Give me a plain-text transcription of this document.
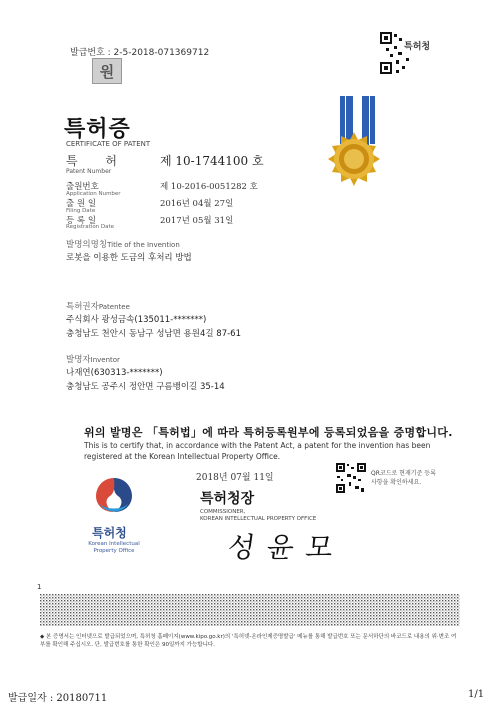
발급번호 : 2-5-2018-071369712
원
특허청
특허증
CERTIFICATE OF PATENT
특 허
Patent Number
제 10-1744100 호
출원번호
Application Number
제 10-2016-0051282 호
출 원 일
Filing Date
2016년 04월 27일
등 록 일
Registration Date
2017년 05월 31일
발명의명칭Title of the Invention
로봇을 이용한 도금의 후처리 방법
특허권자Patentee
주식회사 광성금속(135011-*******)
충청남도 천안시 동남구 성남면 용원4길 87-61
발명자Inventor
나재연(630313-*******)
충청남도 공주시 정안면 구름뱅이길 35-14
위의 발명은 「특허법」에 따라 특허등록원부에 등록되었음을 증명합니다.
This is to certify that, in accordance with the Patent Act, a patent for the invention has been registered at the Korean Intellectual Property Office.
2018년 07월 11일	QR코드로 현재기준 등록사항을 확인하세요.
특허청장
COMMISSIONER,
KOREAN INTELLECTUAL PROPERTY OFFICE
성윤모
특허청
Korean Intellectual Property Office
1
◆ 본 증명서는 인터넷으로 발급되었으며, 특허청 홈페이지(www.kipo.go.kr)의 '특허넷-온라인제증명발급' 메뉴를 통해 발급번호 또는 문서하단의 바코드로 내용의 위·변조 여부를 확인해 주십시오. 단, 발급번호를 통한 확인은 90일까지 가능합니다.
발급일자 : 20180711	1/1
